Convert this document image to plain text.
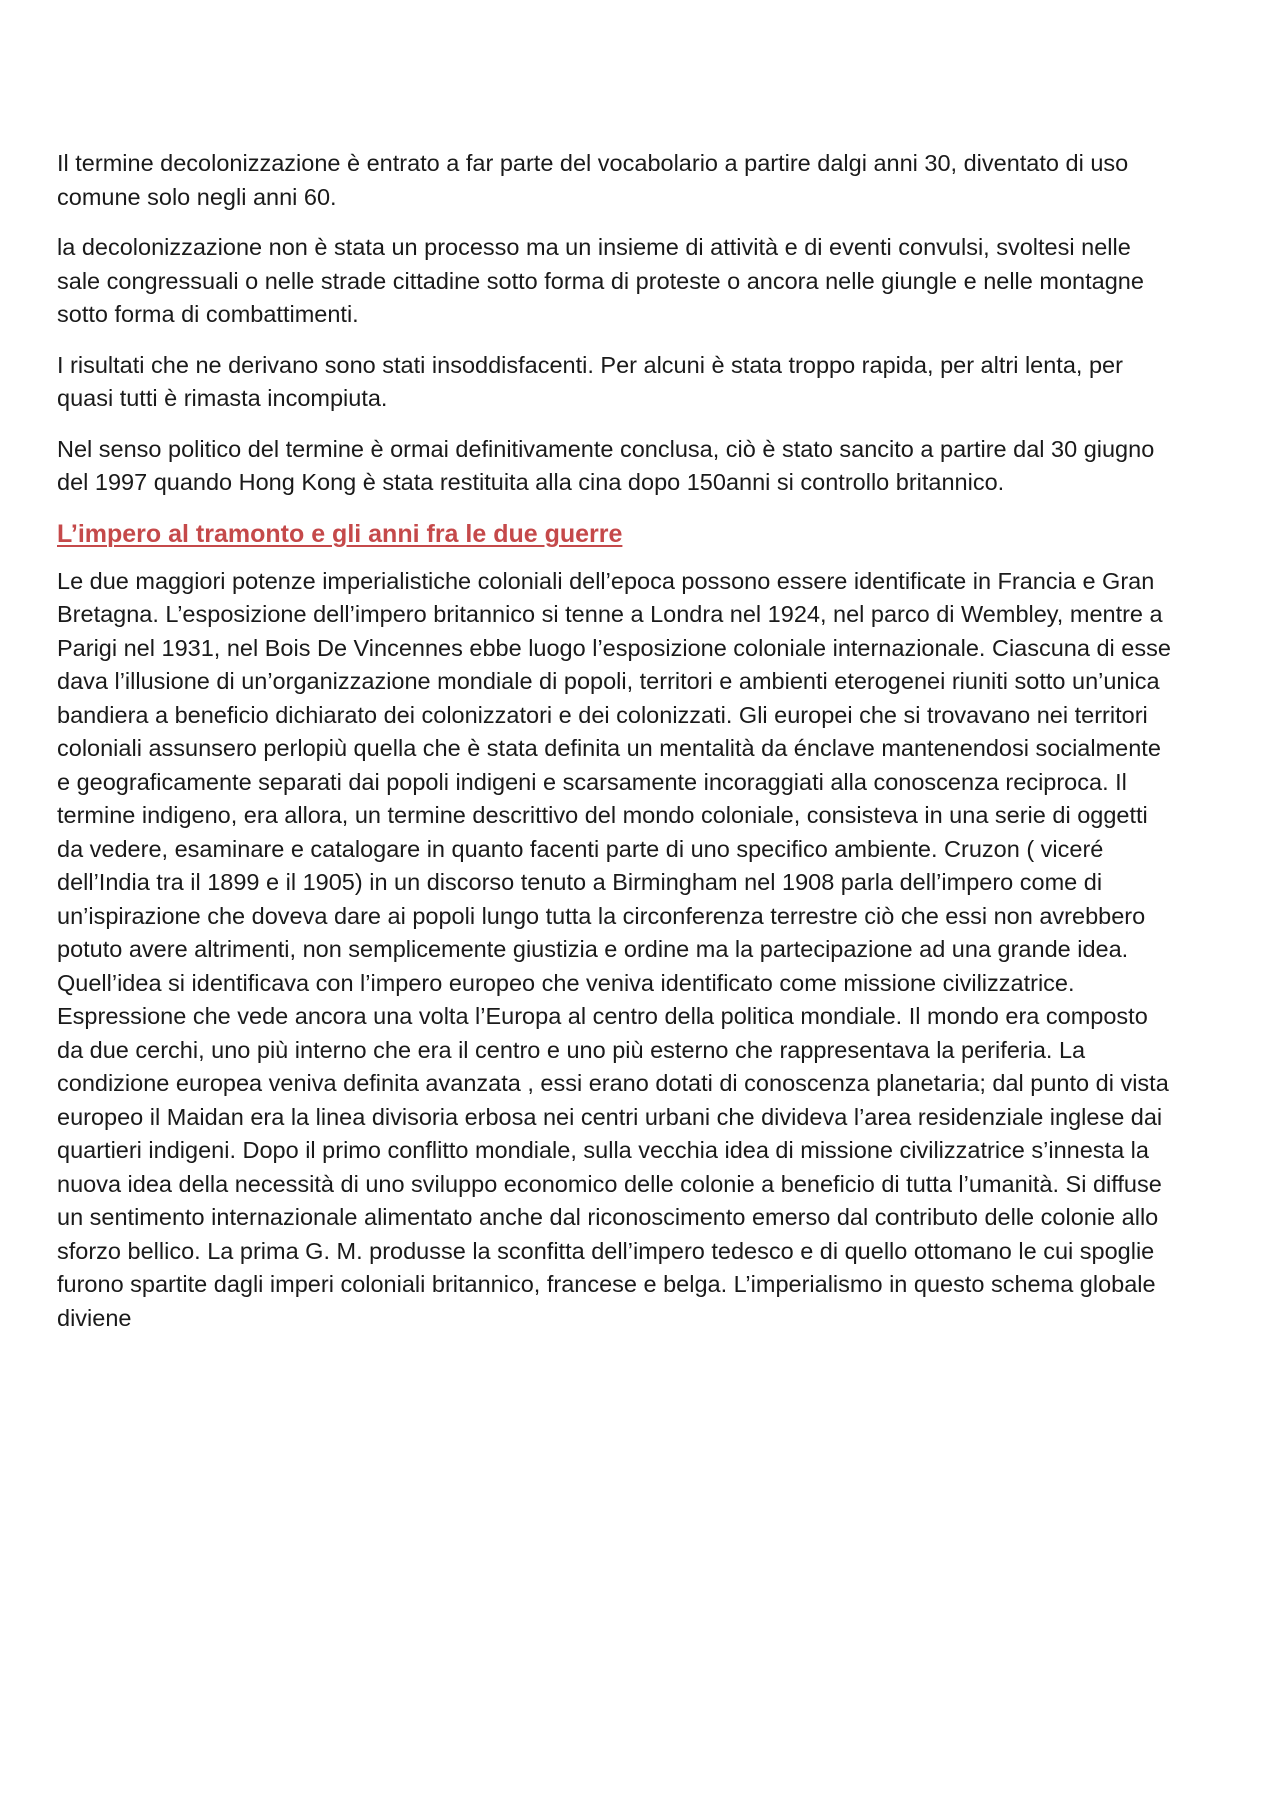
Il termine decolonizzazione è entrato a far parte del vocabolario a partire dalgi anni 30, diventato di uso comune solo negli anni 60.

la decolonizzazione non è stata un processo ma un insieme di attività e di eventi convulsi, svoltesi nelle sale congressuali o nelle strade cittadine sotto forma di proteste o ancora nelle giungle e nelle montagne sotto forma di combattimenti.

I risultati che ne derivano sono stati insoddisfacenti. Per alcuni è stata troppo rapida, per altri lenta, per quasi tutti è rimasta incompiuta.

Nel senso politico del termine è ormai definitivamente conclusa, ciò è stato sancito a partire dal 30 giugno del 1997 quando Hong Kong è stata restituita alla cina dopo 150anni si controllo britannico.

L’impero al tramonto e gli anni fra le due guerre

Le due maggiori potenze imperialistiche coloniali dell’epoca possono essere identificate in Francia e Gran Bretagna. L’esposizione dell’impero britannico si tenne a Londra nel 1924, nel parco di Wembley, mentre a Parigi nel 1931, nel Bois De Vincennes ebbe luogo l’esposizione coloniale internazionale. Ciascuna di esse dava l’illusione di un’organizzazione mondiale di popoli, territori e ambienti eterogenei riuniti sotto un’unica bandiera a beneficio dichiarato dei colonizzatori e dei colonizzati. Gli europei che si trovavano nei territori coloniali assunsero perlopiù quella che è stata definita un mentalità da énclave mantenendosi socialmente e geograficamente separati dai popoli indigeni e scarsamente incoraggiati alla conoscenza reciproca. Il termine indigeno, era allora, un termine descrittivo del mondo coloniale, consisteva in una serie di oggetti da vedere, esaminare e catalogare in quanto facenti parte di uno specifico ambiente. Cruzon ( viceré dell’India tra il 1899 e il 1905) in un discorso tenuto a Birmingham nel 1908 parla dell’impero come di un’ispirazione che doveva dare ai popoli lungo tutta la circonferenza terrestre ciò che essi non avrebbero potuto avere altrimenti, non semplicemente giustizia e ordine ma la partecipazione ad una grande idea. Quell’idea si identificava con l’impero europeo che veniva identificato come missione civilizzatrice. Espressione che vede ancora una volta l’Europa al centro della politica mondiale. Il mondo era composto da due cerchi, uno più interno che era il centro e uno più esterno che rappresentava la periferia. La condizione europea veniva definita avanzata , essi erano dotati di conoscenza planetaria; dal punto di vista europeo il Maidan era la linea divisoria erbosa nei centri urbani che divideva l’area residenziale inglese dai quartieri indigeni. Dopo il primo conflitto mondiale, sulla vecchia idea di missione civilizzatrice s’innesta la nuova idea della necessità di uno sviluppo economico delle colonie a beneficio di tutta l’umanità. Si diffuse un sentimento internazionale alimentato anche dal riconoscimento emerso dal contributo delle colonie allo sforzo bellico. La prima G. M. produsse la sconfitta dell’impero tedesco e di quello ottomano le cui spoglie furono spartite dagli imperi coloniali britannico, francese e belga. L’imperialismo in questo schema globale diviene
